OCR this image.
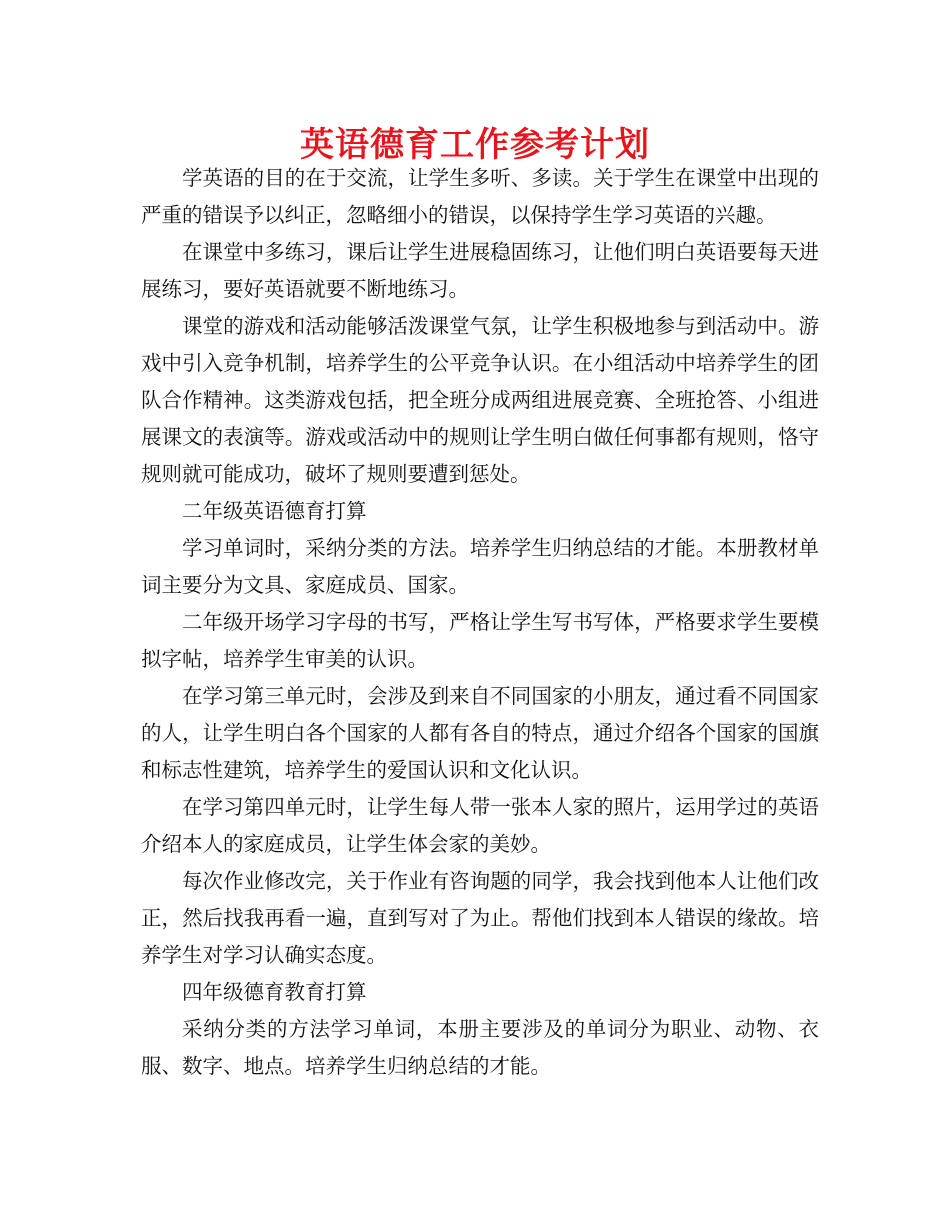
英语德育工作参考计划

学英语的目的在于交流，让学生多听、多读。关于学生在课堂中出现的严重的错误予以纠正，忽略细小的错误，以保持学生学习英语的兴趣。

在课堂中多练习，课后让学生进展稳固练习，让他们明白英语要每天进展练习，要好英语就要不断地练习。

课堂的游戏和活动能够活泼课堂气氛，让学生积极地参与到活动中。游戏中引入竞争机制，培养学生的公平竞争认识。在小组活动中培养学生的团队合作精神。这类游戏包括，把全班分成两组进展竞赛、全班抢答、小组进展课文的表演等。游戏或活动中的规则让学生明白做任何事都有规则，恪守规则就可能成功，破坏了规则要遭到惩处。

二年级英语德育打算

学习单词时，采纳分类的方法。培养学生归纳总结的才能。本册教材单词主要分为文具、家庭成员、国家。

二年级开场学习字母的书写，严格让学生写书写体，严格要求学生要模拟字帖，培养学生审美的认识。

在学习第三单元时，会涉及到来自不同国家的小朋友，通过看不同国家的人，让学生明白各个国家的人都有各自的特点，通过介绍各个国家的国旗和标志性建筑，培养学生的爱国认识和文化认识。

在学习第四单元时，让学生每人带一张本人家的照片，运用学过的英语介绍本人的家庭成员，让学生体会家的美妙。

每次作业修改完，关于作业有咨询题的同学，我会找到他本人让他们改正，然后找我再看一遍，直到写对了为止。帮他们找到本人错误的缘故。培养学生对学习认确实态度。

四年级德育教育打算

采纳分类的方法学习单词，本册主要涉及的单词分为职业、动物、衣服、数字、地点。培养学生归纳总结的才能。
